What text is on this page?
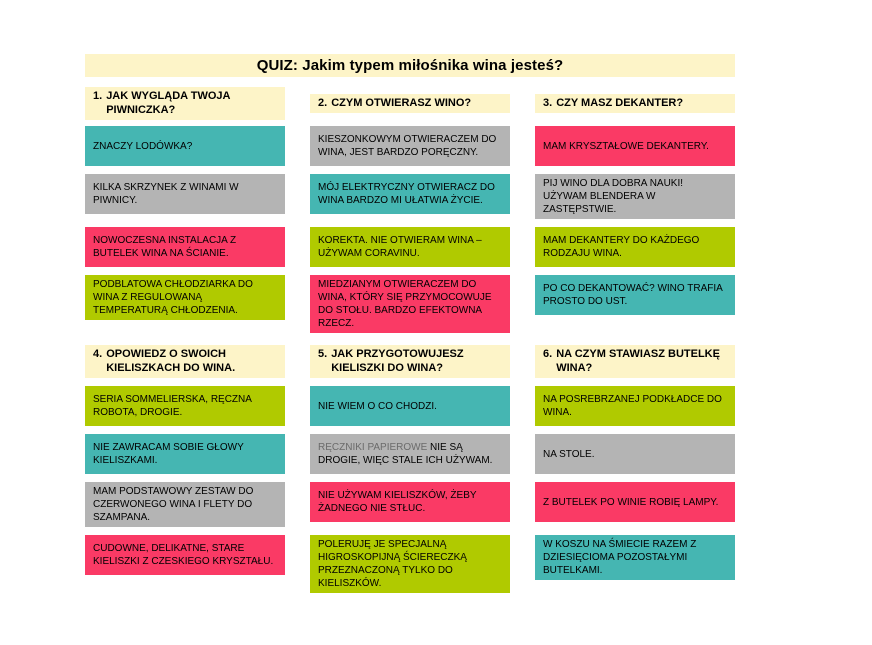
QUIZ: Jakim typem miłośnika wina jesteś?
1. JAK WYGLĄDA TWOJA PIWNICZKA?
2. CZYM OTWIERASZ WINO?	3. CZY MASZ DEKANTER?

ZNACZY LODÓWKA?

KILKA SKRZYNEK Z WINAMI W PIWNICY.

NOWOCZESNA INSTALACJA Z BUTELEK WINA NA ŚCIANIE.

PODBLATOWA CHŁODZIARKA DO WINA Z REGULOWANĄ TEMPERATURĄ CHŁODZENIA.

KIESZONKOWYM OTWIERACZEM DO WINA, JEST BARDZO PORĘCZNY.

MÓJ ELEKTRYCZNY OTWIERACZ DO WINA BARDZO MI UŁATWIA ŻYCIE.

KOREKTA. NIE OTWIERAM WINA – UŻYWAM CORAVINU.

MIEDZIANYM OTWIERACZEM DO WINA, KTÓRY SIĘ PRZYMOCOWUJE DO STOŁU. BARDZO EFEKTOWNA RZECZ.

MAM KRYSZTAŁOWE DEKANTERY.

PIJ WINO DLA DOBRA NAUKI! UŻYWAM BLENDERA W ZASTĘPSTWIE.

MAM DEKANTERY DO KAŻDEGO RODZAJU WINA.

PO CO DEKANTOWAĆ? WINO TRAFIA PROSTO DO UST.

4. OPOWIEDZ O SWOICH KIELISZKACH DO WINA.
5. JAK PRZYGOTOWUJESZ KIELISZKI DO WINA?
6. NA CZYM STAWIASZ BUTELKĘ WINA?

SERIA SOMMELIERSKA, RĘCZNA ROBOTA, DROGIE.

NIE ZAWRACAM SOBIE GŁOWY KIELISZKAMI.

MAM PODSTAWOWY ZESTAW DO CZERWONEGO WINA I FLETY DO SZAMPANA.

CUDOWNE, DELIKATNE, STARE KIELISZKI Z CZESKIEGO KRYSZTAŁU.

NIE WIEM O CO CHODZI.

RĘCZNIKI PAPIEROWE NIE SĄ DROGIE, WIĘC STALE ICH UŻYWAM.

NIE UŻYWAM KIELISZKÓW, ŻEBY ŻADNEGO NIE STŁUC.

POLERUJĘ JE SPECJALNĄ HIGROSKOPIJNĄ ŚCIERECZKĄ PRZEZNACZONĄ TYLKO DO KIELISZKÓW.

NA POSREBRZANEJ PODKŁADCE DO WINA.

NA STOLE.

Z BUTELEK PO WINIE ROBIĘ LAMPY.

W KOSZU NA ŚMIECIE RAZEM Z DZIESIĘCIOMA POZOSTAŁYMI BUTELKAMI.
